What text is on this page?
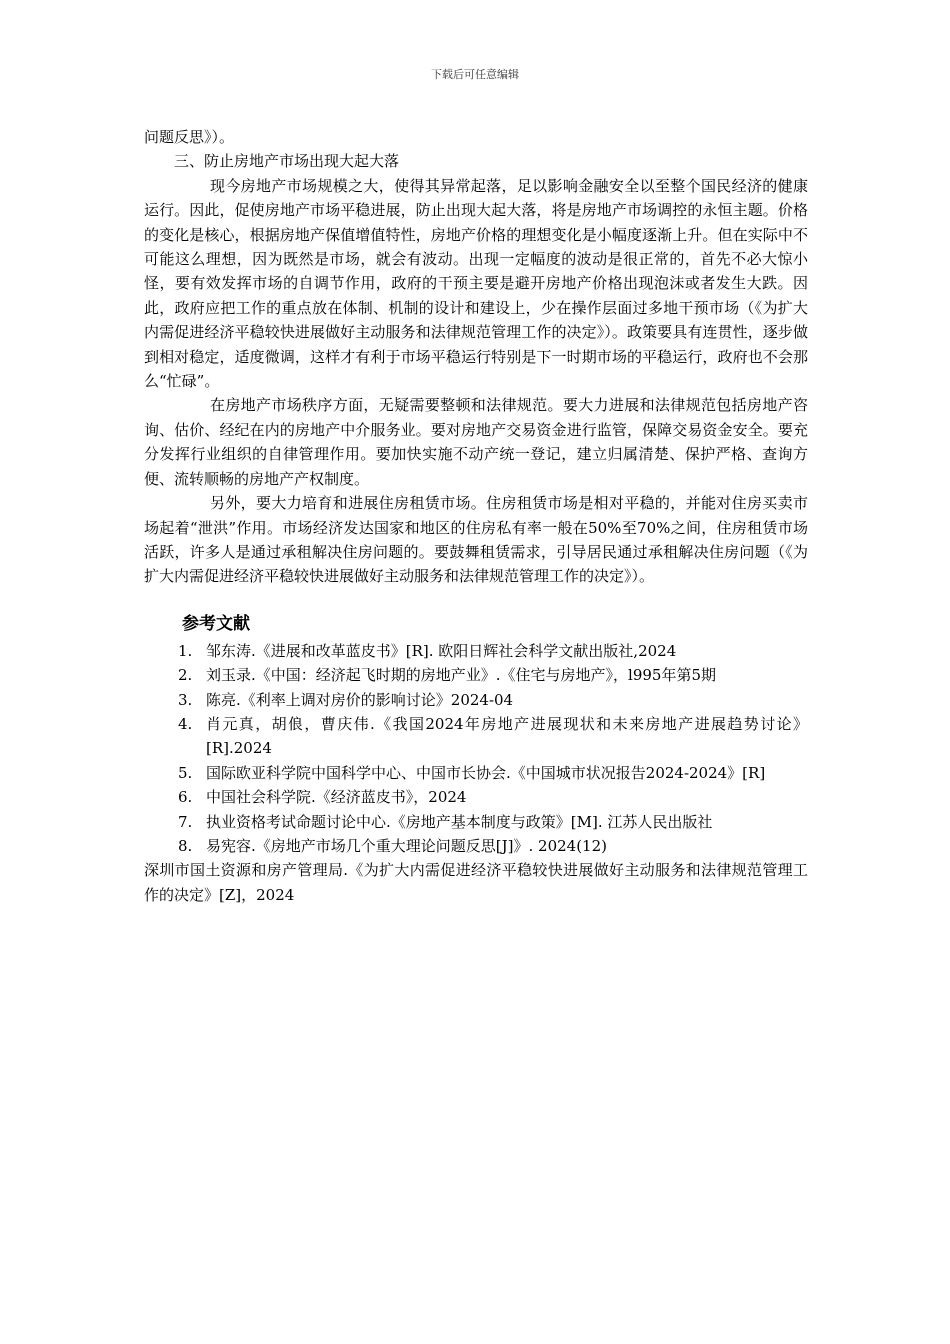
下载后可任意编辑

问题反思》）。

三、防止房地产市场出现大起大落

现今房地产市场规模之大，使得其异常起落，足以影响金融安全以至整个国民经济的健康运行。因此，促使房地产市场平稳进展，防止出现大起大落，将是房地产市场调控的永恒主题。价格的变化是核心，根据房地产保值增值特性，房地产价格的理想变化是小幅度逐渐上升。但在实际中不可能这么理想，因为既然是市场，就会有波动。出现一定幅度的波动是很正常的，首先不必大惊小怪，要有效发挥市场的自调节作用，政府的干预主要是避开房地产价格出现泡沫或者发生大跌。因此，政府应把工作的重点放在体制、机制的设计和建设上，少在操作层面过多地干预市场（《为扩大内需促进经济平稳较快进展做好主动服务和法律规范管理工作的决定》）。政策要具有连贯性，逐步做到相对稳定，适度微调，这样才有利于市场平稳运行特别是下一时期市场的平稳运行，政府也不会那么“忙碌”。

在房地产市场秩序方面，无疑需要整顿和法律规范。要大力进展和法律规范包括房地产咨询、估价、经纪在内的房地产中介服务业。要对房地产交易资金进行监管，保障交易资金安全。要充分发挥行业组织的自律管理作用。要加快实施不动产统一登记，建立归属清楚、保护严格、查询方便、流转顺畅的房地产产权制度。

另外，要大力培育和进展住房租赁市场。住房租赁市场是相对平稳的，并能对住房买卖市场起着“泄洪”作用。市场经济发达国家和地区的住房私有率一般在50%至70%之间，住房租赁市场活跃，许多人是通过承租解决住房问题的。要鼓舞租赁需求，引导居民通过承租解决住房问题（《为扩大内需促进经济平稳较快进展做好主动服务和法律规范管理工作的决定》）。

参考文献
1. 邹东涛.《进展和改革蓝皮书》[R]. 欧阳日辉社会科学文献出版社,2024
2. 刘玉录.《中国：经济起飞时期的房地产业》.《住宅与房地产》，l995年第5期
3. 陈亮.《利率上调对房价的影响讨论》2024-04
4. 肖元真，胡俍，曹庆伟.《我国2024年房地产进展现状和未来房地产进展趋势讨论》[R].2024
5. 国际欧亚科学院中国科学中心、中国市长协会.《中国城市状况报告2024-2024》[R]
6. 中国社会科学院.《经济蓝皮书》，2024
7. 执业资格考试命题讨论中心.《房地产基本制度与政策》[M]. 江苏人民出版社
8. 易宪容.《房地产市场几个重大理论问题反思[J]》. 2024(12)

深圳市国土资源和房产管理局.《为扩大内需促进经济平稳较快进展做好主动服务和法律规范管理工作的决定》[Z]，2024
